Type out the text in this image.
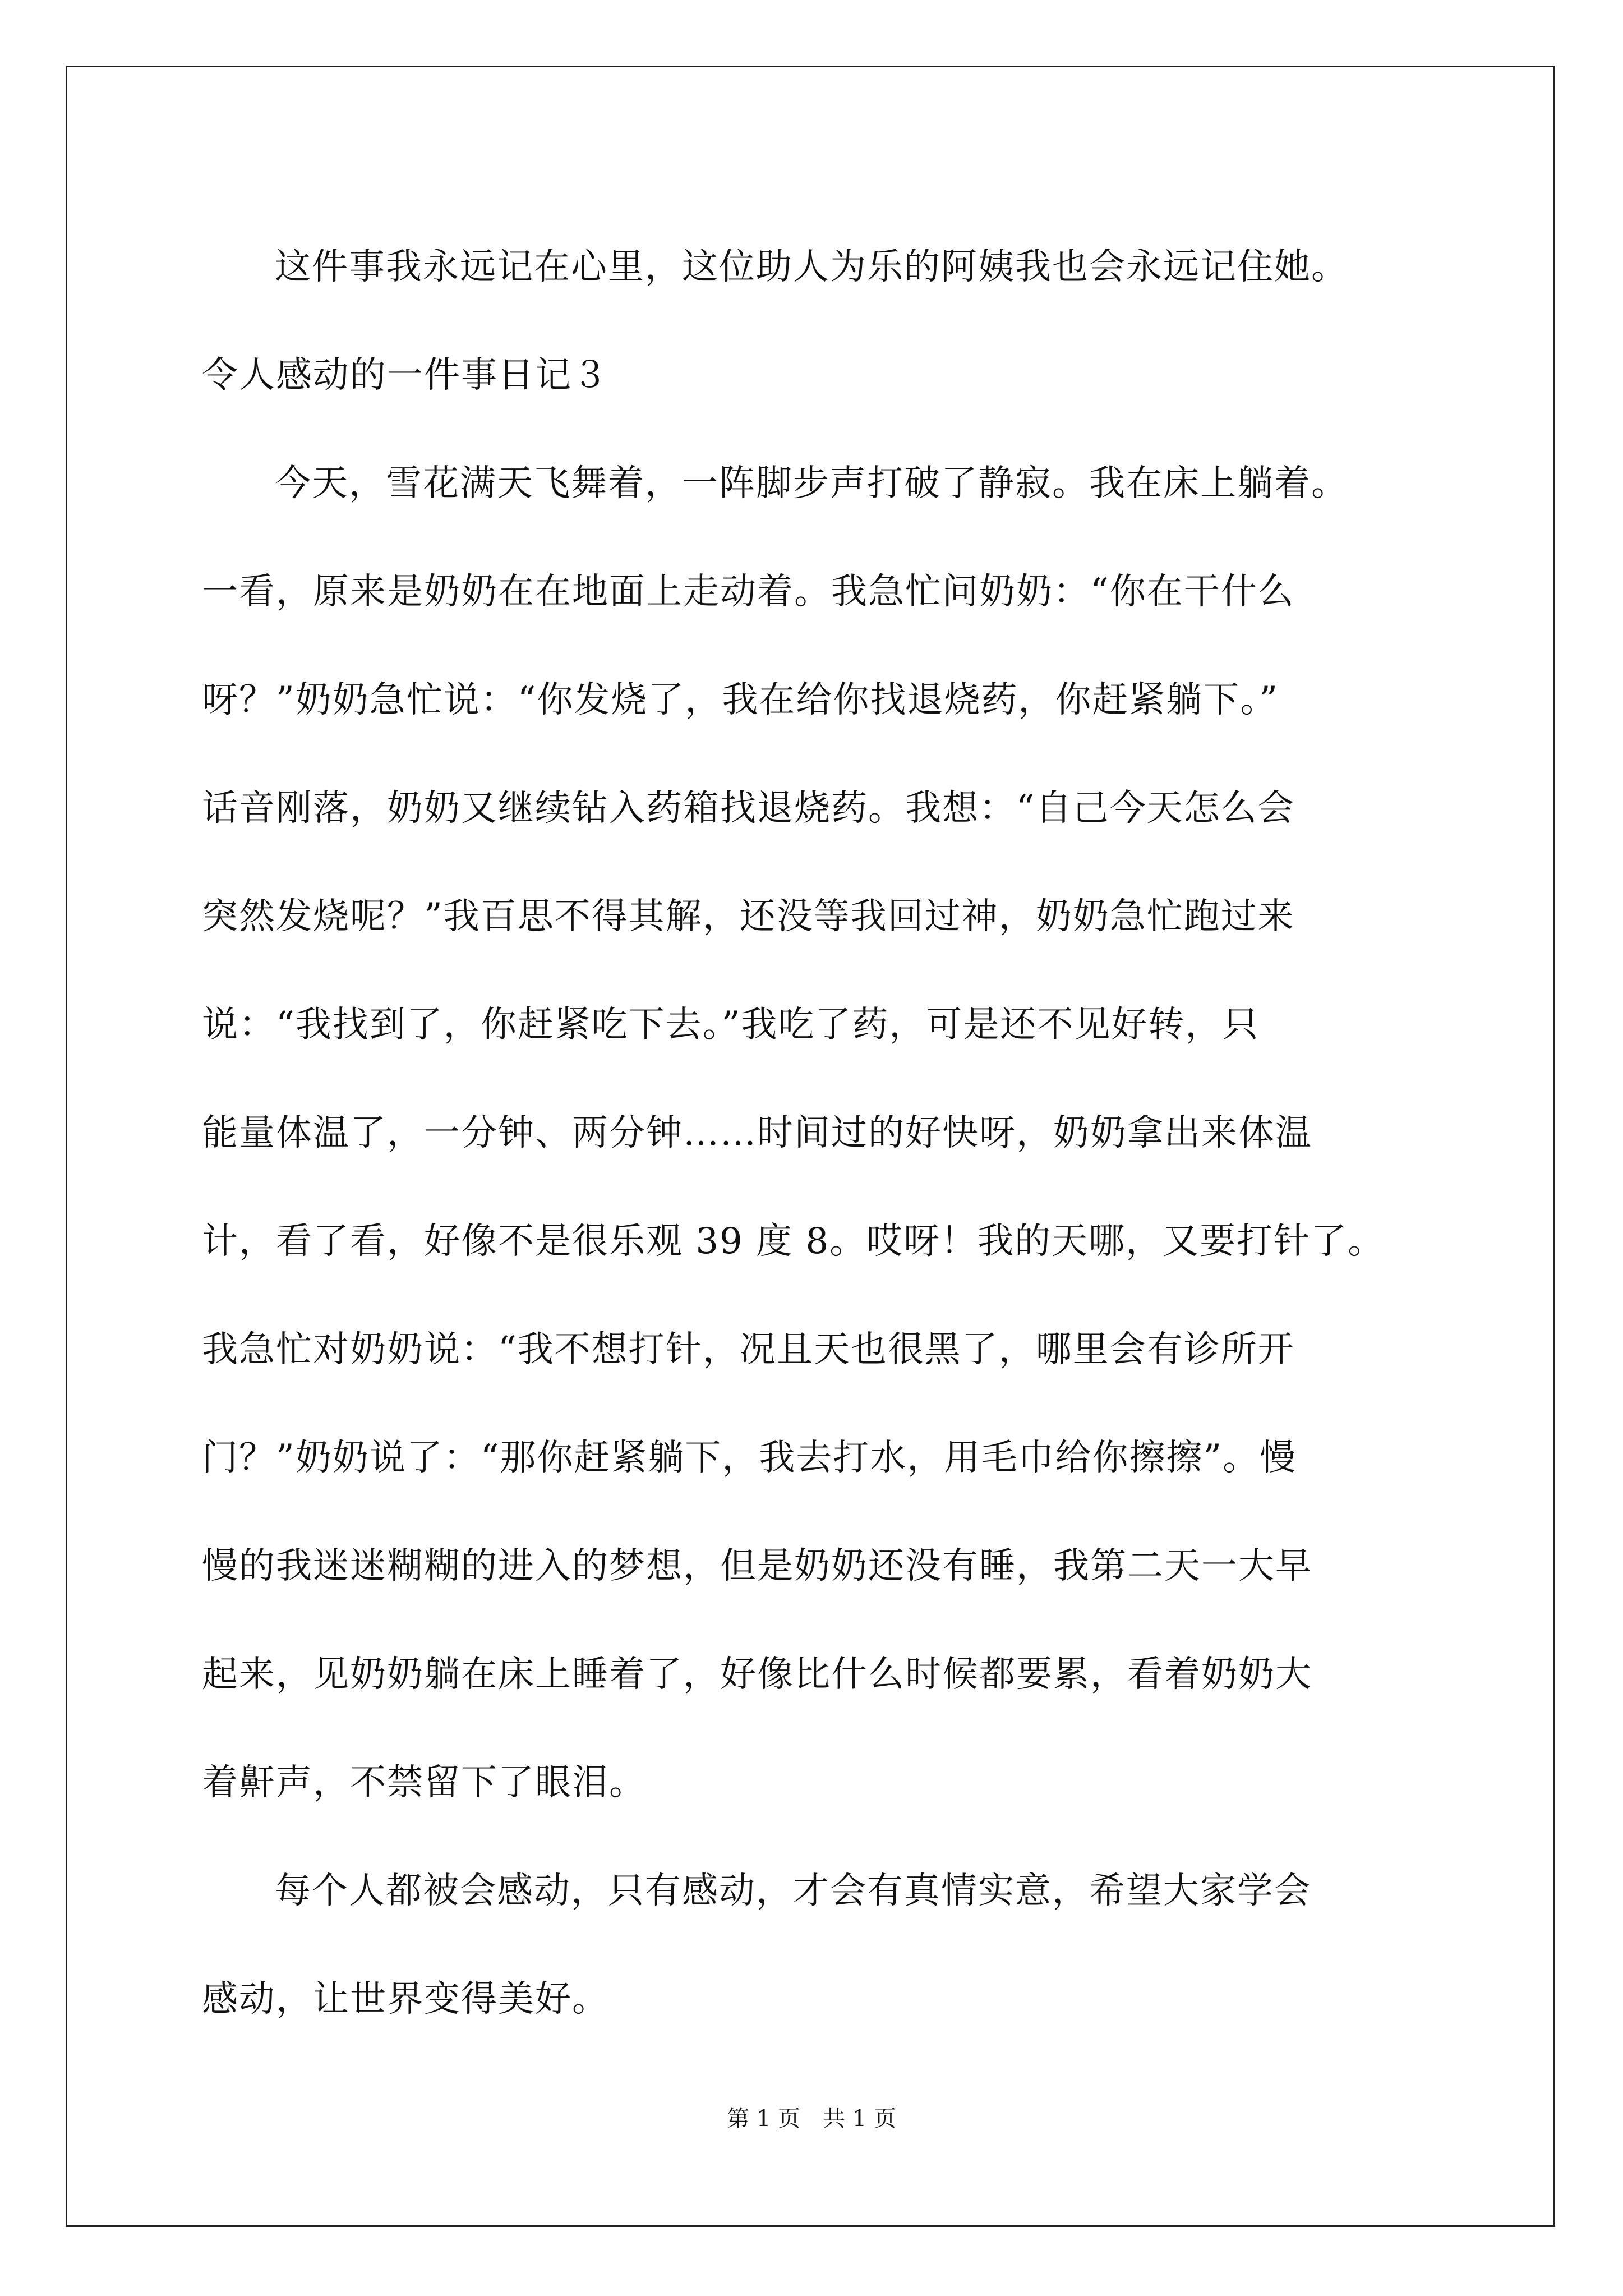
这件事我永远记在心里，这位助人为乐的阿姨我也会永远记住她。
令人感动的一件事日记３
今天，雪花满天飞舞着，一阵脚步声打破了静寂。我在床上躺着。
一看，原来是奶奶在在地面上走动着。我急忙问奶奶：“你在干什么
呀？”奶奶急忙说：“你发烧了，我在给你找退烧药，你赶紧躺下。”
话音刚落，奶奶又继续钻入药箱找退烧药。我想：“自己今天怎么会
突然发烧呢？”我百思不得其解，还没等我回过神，奶奶急忙跑过来
说：“我找到了，你赶紧吃下去。”我吃了药，可是还不见好转，只
能量体温了，一分钟、两分钟……时间过的好快呀，奶奶拿出来体温
计，看了看，好像不是很乐观 39 度 8。哎呀！我的天哪，又要打针了。
我急忙对奶奶说：“我不想打针，况且天也很黑了，哪里会有诊所开
门？”奶奶说了：“那你赶紧躺下，我去打水，用毛巾给你擦擦”。慢
慢的我迷迷糊糊的进入的梦想，但是奶奶还没有睡，我第二天一大早
起来，见奶奶躺在床上睡着了，好像比什么时候都要累，看着奶奶大
着鼾声，不禁留下了眼泪。
每个人都被会感动，只有感动，才会有真情实意，希望大家学会
感动，让世界变得美好。
第 1 页　共 1 页
